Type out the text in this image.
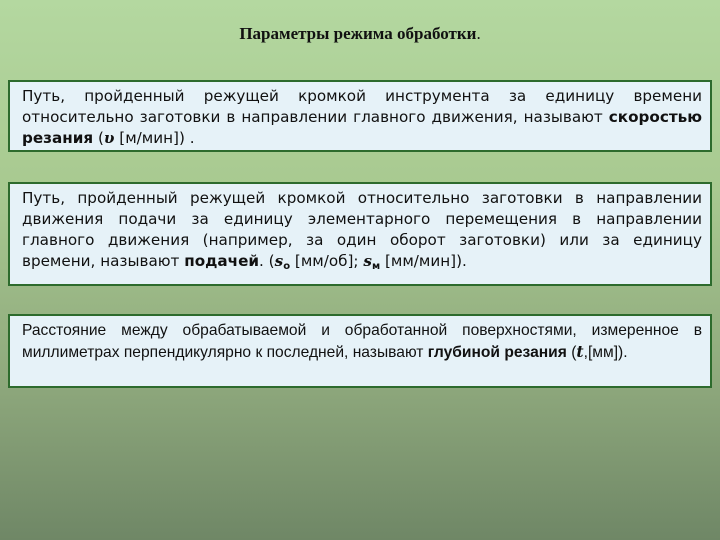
Параметры режима обработки.
Путь, пройденный режущей кромкой инструмента за единицу времени относительно заготовки в направлении главного движения, называют скоростью резания (υ [м/мин]) .
Путь, пройденный режущей кромкой относительно заготовки в направлении движения подачи за единицу элементарного перемещения в направлении главного движения (например, за один оборот заготовки) или за единицу времени, называют подачей. ($s_o$ [мм/об]; $s_м$ [мм/мин]).
Расстояние между обрабатываемой и обработанной поверхностями, измеренное в миллиметрах перпендикулярно к последней, называют глубиной резания (t,[мм]).
